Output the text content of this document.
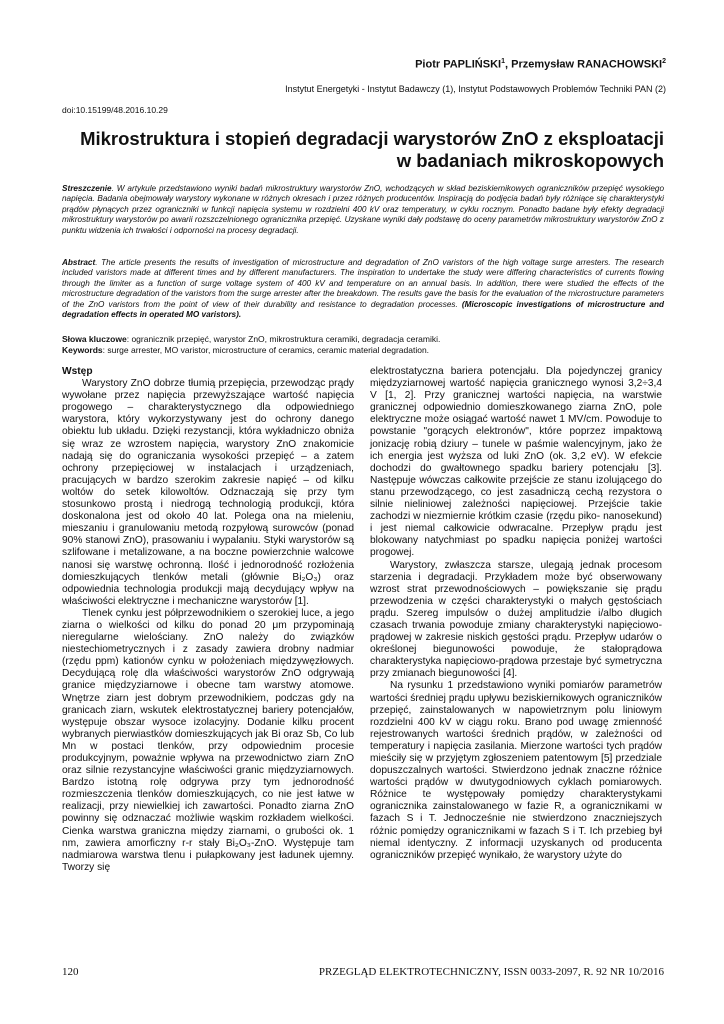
Piotr PAPLIŃSKI$^1$, Przemysław RANACHOWSKI$^2$
Instytut Energetyki - Instytut Badawczy (1), Instytut Podstawowych Problemów Techniki PAN (2)
doi:10.15199/48.2016.10.29
Mikrostruktura i stopień degradacji warystorów ZnO z eksploatacji w badaniach mikroskopowych
Streszczenie. W artykule przedstawiono wyniki badań mikrostruktury warystorów ZnO, wchodzących w skład beziskiernikowych ograniczników przepięć wysokiego napięcia. Badania obejmowały warystory wykonane w różnych okresach i przez różnych producentów. Inspiracją do podjęcia badań były różniące się charakterystyki prądów płynących przez ograniczniki w funkcji napięcia systemu w rozdzielni 400 kV oraz temperatury, w cyklu rocznym. Ponadto badane były efekty degradacji mikrostruktury warystorów po awarii rozszczelnionego ogranicznika przepięć. Uzyskane wyniki dały podstawę do oceny parametrów mikrostruktury warystorów ZnO z punktu widzenia ich trwałości i odporności na procesy degradacji.
Abstract. The article presents the results of investigation of microstructure and degradation of ZnO varistors of the high voltage surge arresters. The research included varistors made at different times and by different manufacturers. The inspiration to undertake the study were differing characteristics of currents flowing through the limiter as a function of surge voltage system of 400 kV and temperature on an annual basis. In addition, there were studied the effects of the microstructure degradation of the varistors from the surge arrester after the breakdown. The results gave the basis for the evaluation of the microstructure parameters of the ZnO varistors from the point of view of their durability and resistance to degradation processes. (Microscopic investigations of microstructure and degradation effects in operated MO varistors).
Słowa kluczowe: ogranicznik przepięć, warystor ZnO, mikrostruktura ceramiki, degradacja ceramiki.
Keywords: surge arrester, MO varistor, microstructure of ceramics, ceramic material degradation.

Wstęp

Warystory ZnO dobrze tłumią przepięcia, przewodząc prądy wywołane przez napięcia przewyższające wartość napięcia progowego – charakterystycznego dla odpowiedniego warystora, który wykorzystywany jest do ochrony danego obiektu lub układu. Dzięki rezystancji, która wykładniczo obniża się wraz ze wzrostem napięcia, warystory ZnO znakomicie nadają się do ograniczania wysokości przepięć – a zatem ochrony przepięciowej w instalacjach i urządzeniach, pracujących w bardzo szerokim zakresie napięć – od kilku woltów do setek kilowoltów. Odznaczają się przy tym stosunkowo prostą i niedrogą technologią produkcji, która doskonalona jest od około 40 lat. Polega ona na mieleniu, mieszaniu i granulowaniu metodą rozpyłową surowców (ponad 90% stanowi ZnO), prasowaniu i wypalaniu. Styki warystorów są szlifowane i metalizowane, a na boczne powierzchnie walcowe nanosi się warstwę ochronną. Ilość i jednorodność rozłożenia domieszkujących tlenków metali (głównie Bi₂O₃) oraz odpowiednia technologia produkcji mają decydujący wpływ na właściwości elektryczne i mechaniczne warystorów [1].

Tlenek cynku jest półprzewodnikiem o szerokiej luce, a jego ziarna o wielkości od kilku do ponad 20 μm przypominają nieregularne wielościany. ZnO należy do związków niestechiometrycznych i z zasady zawiera drobny nadmiar (rzędu ppm) kationów cynku w położeniach międzywęzłowych. Decydującą rolę dla właściwości warystorów ZnO odgrywają granice międzyziarnowe i obecne tam warstwy atomowe. Wnętrze ziarn jest dobrym przewodnikiem, podczas gdy na granicach ziarn, wskutek elektrostatycznej bariery potencjałów, występuje obszar wysoce izolacyjny. Dodanie kilku procent wybranych pierwiastków domieszkujących jak Bi oraz Sb, Co lub Mn w postaci tlenków, przy odpowiednim procesie produkcyjnym, poważnie wpływa na przewodnictwo ziarn ZnO oraz silnie rezystancyjne właściwości granic międzyziarnowych. Bardzo istotną rolę odgrywa przy tym jednorodność rozmieszczenia tlenków domieszkujących, co nie jest łatwe w realizacji, przy niewielkiej ich zawartości. Ponadto ziarna ZnO powinny się odznaczać możliwie wąskim rozkładem wielkości. Cienka warstwa graniczna między ziarnami, o grubości ok. 1 nm, zawiera amorficzny r-r stały Bi₂O₃-ZnO. Występuje tam nadmiarowa warstwa tlenu i pułapkowany jest ładunek ujemny. Tworzy się

elektrostatyczna bariera potencjału. Dla pojedynczej granicy międzyziarnowej wartość napięcia granicznego wynosi 3,2÷3,4 V [1, 2]. Przy granicznej wartości napięcia, na warstwie granicznej odpowiednio domieszkowanego ziarna ZnO, pole elektryczne może osiągać wartość nawet 1 MV/cm. Powoduje to powstanie "gorących elektronów", które poprzez impaktową jonizację robią dziury – tunele w paśmie walencyjnym, jako że ich energia jest wyższa od luki ZnO (ok. 3,2 eV). W efekcie dochodzi do gwałtownego spadku bariery potencjału [3]. Następuje wówczas całkowite przejście ze stanu izolującego do stanu przewodzącego, co jest zasadniczą cechą rezystora o silnie nieliniowej zależności napięciowej. Przejście takie zachodzi w niezmiernie krótkim czasie (rzędu piko- nanosekund) i jest niemal całkowicie odwracalne. Przepływ prądu jest blokowany natychmiast po spadku napięcia poniżej wartości progowej.

Warystory, zwłaszcza starsze, ulegają jednak procesom starzenia i degradacji. Przykładem może być obserwowany wzrost strat przewodnościowych – powiększanie się prądu przewodzenia w części charakterystyki o małych gęstościach prądu. Szereg impulsów o dużej amplitudzie i/albo długich czasach trwania powoduje zmiany charakterystyki napięciowo-prądowej w zakresie niskich gęstości prądu. Przepływ udarów o określonej biegunowości powoduje, że stałoprądowa charakterystyka napięciowo-prądowa przestaje być symetryczna przy zmianach biegunowości [4].

Na rysunku 1 przedstawiono wyniki pomiarów parametrów wartości średniej prądu upływu beziskiernikowych ograniczników przepięć, zainstalowanych w napowietrznym polu liniowym rozdzielni 400 kV w ciągu roku. Brano pod uwagę zmienność rejestrowanych wartości średnich prądów, w zależności od temperatury i napięcia zasilania. Mierzone wartości tych prądów mieściły się w przyjętym zgłoszeniem patentowym [5] przedziale dopuszczalnych wartości. Stwierdzono jednak znaczne różnice wartości prądów w dwutygodniowych cyklach pomiarowych. Różnice te występowały pomiędzy charakterystykami ogranicznika zainstalowanego w fazie R, a ogranicznikami w fazach S i T. Jednocześnie nie stwierdzono znaczniejszych różnic pomiędzy ogranicznikami w fazach S i T. Ich przebieg był niemal identyczny. Z informacji uzyskanych od producenta ograniczników przepięć wynikało, że warystory użyte do

120	PRZEGLĄD ELEKTROTECHNICZNY, ISSN 0033-2097, R. 92 NR 10/2016
